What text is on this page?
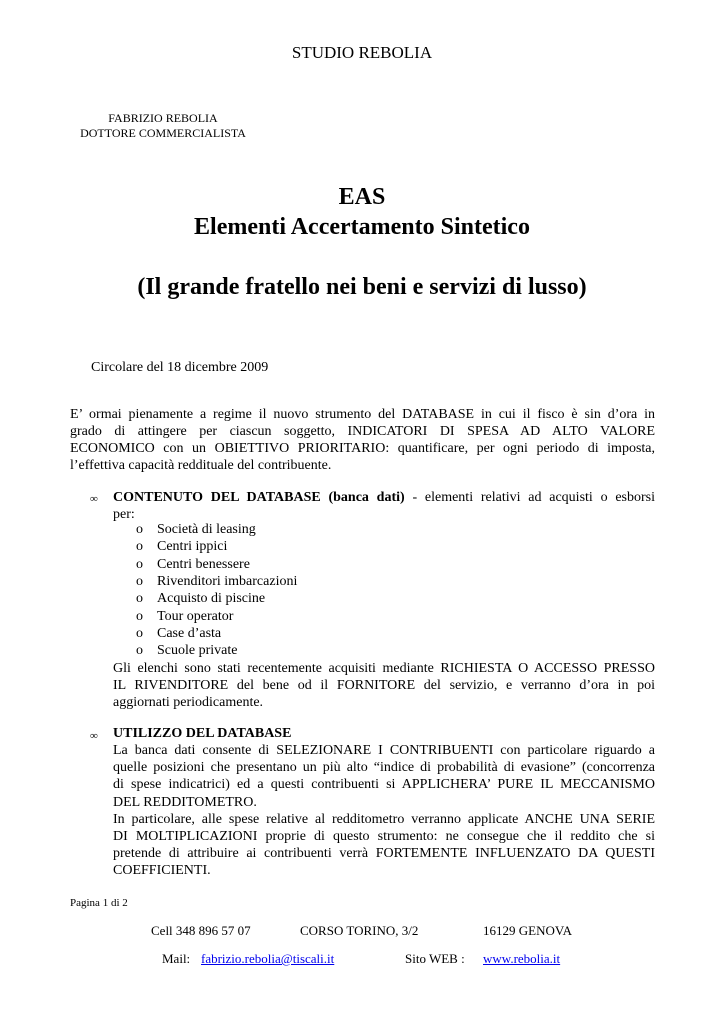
STUDIO REBOLIA
FABRIZIO REBOLIA
DOTTORE COMMERCIALISTA
EAS
Elementi Accertamento Sintetico
(Il grande fratello nei beni e servizi di lusso)
Circolare del 18 dicembre 2009
E’ ormai pienamente a regime il nuovo strumento del DATABASE in cui il fisco è sin d’ora in
grado di attingere per ciascun soggetto, INDICATORI DI SPESA AD ALTO VALORE
ECONOMICO con un OBIETTIVO PRIORITARIO: quantificare, per ogni periodo di imposta,
l’effettiva capacità reddituale del contribuente.
∞ CONTENUTO DEL DATABASE (banca dati) - elementi relativi ad acquisti o esborsi
per:
o Società di leasing
o Centri ippici
o Centri benessere
o Rivenditori imbarcazioni
o Acquisto di piscine
o Tour operator
o Case d’asta
o Scuole private
Gli elenchi sono stati recentemente acquisiti mediante RICHIESTA O ACCESSO PRESSO
IL RIVENDITORE del bene od il FORNITORE del servizio, e verranno d’ora in poi
aggiornati periodicamente.
∞ UTILIZZO DEL DATABASE
La banca dati consente di SELEZIONARE I CONTRIBUENTI con particolare riguardo a
quelle posizioni che presentano un più alto “indice di probabilità di evasione” (concorrenza
di spese indicatrici) ed a questi contribuenti si APPLICHERA’ PURE IL MECCANISMO
DEL REDDITOMETRO.
In particolare, alle spese relative al redditometro verranno applicate ANCHE UNA SERIE
DI MOLTIPLICAZIONI proprie di questo strumento: ne consegue che il reddito che si
pretende di attribuire ai contribuenti verrà FORTEMENTE INFLUENZATO DA QUESTI
COEFFICIENTI.
Pagina 1 di 2
Cell 348 896 57 07	CORSO TORINO, 3/2	16129 GENOVA
Mail: fabrizio.rebolia@tiscali.it	Sito WEB : www.rebolia.it
